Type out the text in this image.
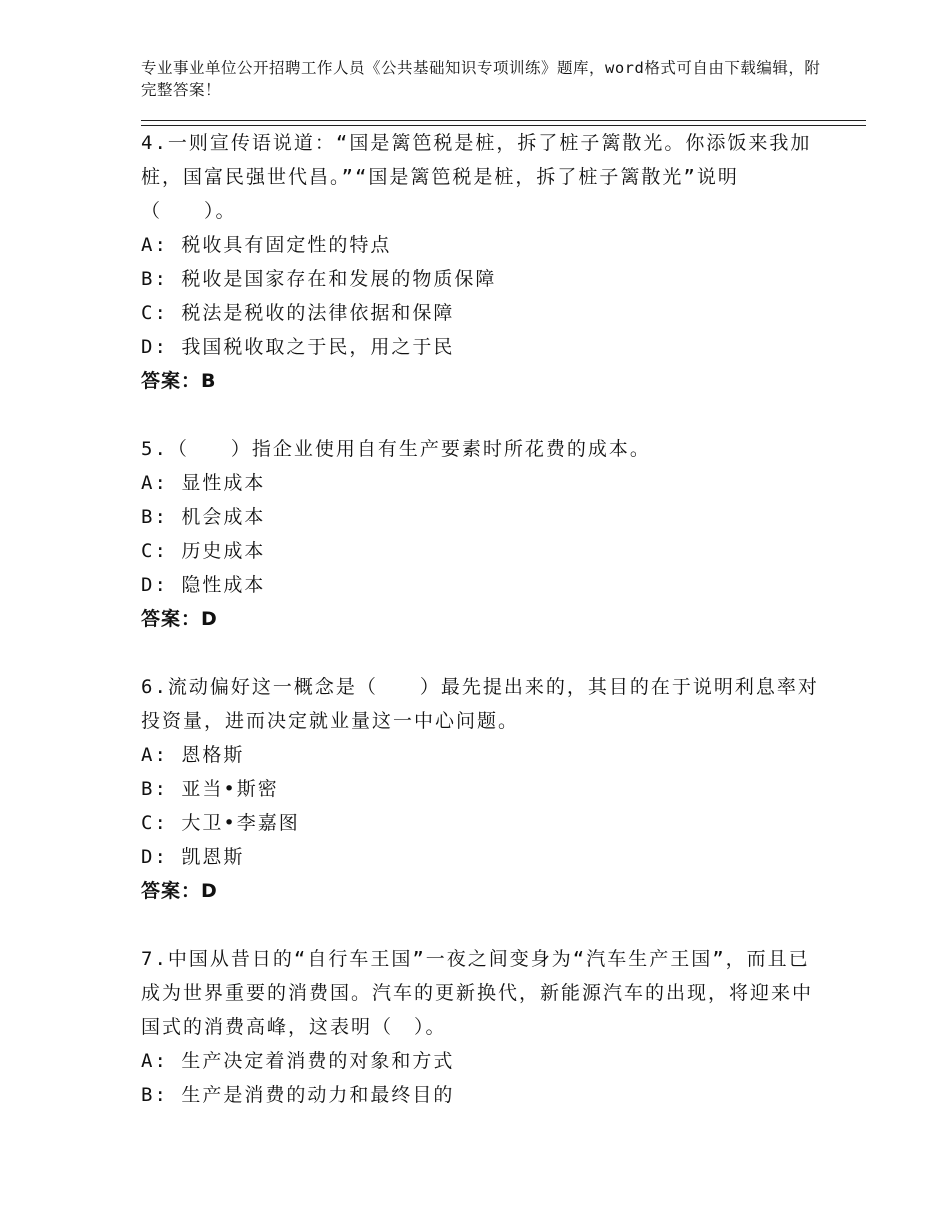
专业事业单位公开招聘工作人员《公共基础知识专项训练》题库，word格式可自由下载编辑，附完整答案！

4.一则宣传语说道：“国是篱笆税是桩，拆了桩子篱散光。你添饭来我加桩，国富民强世代昌。”“国是篱笆税是桩，拆了桩子篱散光”说明（　　）。

A: 税收具有固定性的特点

B: 税收是国家存在和发展的物质保障

C: 税法是税收的法律依据和保障

D: 我国税收取之于民，用之于民

答案：B

5.（　　）指企业使用自有生产要素时所花费的成本。

A: 显性成本

B: 机会成本

C: 历史成本

D: 隐性成本

答案：D

6.流动偏好这一概念是（　　）最先提出来的，其目的在于说明利息率对投资量，进而决定就业量这一中心问题。

A: 恩格斯

B: 亚当•斯密

C: 大卫•李嘉图

D: 凯恩斯

答案：D

7.中国从昔日的“自行车王国”一夜之间变身为“汽车生产王国”，而且已成为世界重要的消费国。汽车的更新换代，新能源汽车的出现，将迎来中国式的消费高峰，这表明（　）。

A: 生产决定着消费的对象和方式

B: 生产是消费的动力和最终目的
